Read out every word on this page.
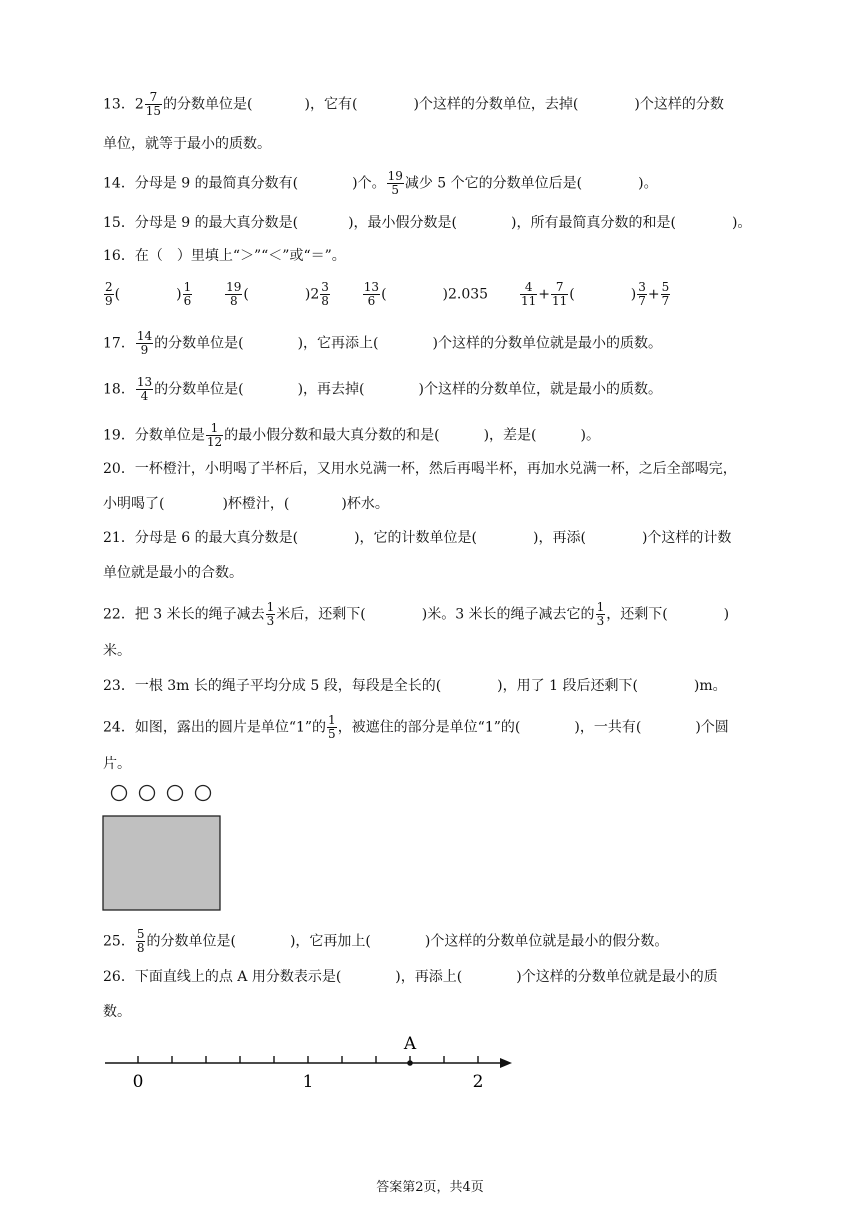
13．$2 \frac{7}{15}$ 的分数单位是(	)，它有(	)个这样的分数单位，去掉(	)个这样的分数
单位，就等于最小的质数。
14．分母是 9 的最简真分数有(	)个。 $\frac{19}{5}$ 减少 5 个它的分数单位后是(	)。
15．分母是 9 的最大真分数是(	)，最小假分数是(	)，所有最简真分数的和是(	)。
16．在（　）里填上“＞”“＜”或“＝”。
$\frac{2}{9}$ (	) $\frac{1}{6}$
	$\frac{19}{8}$ (	)$2 \frac{3}{8}$
	$\frac{13}{6}$ (	)2.035	$\frac{4}{11} + \frac{7}{11}$ (	) $\frac{3}{7} + \frac{5}{7}$
17． $\frac{14}{9}$ 的分数单位是(	)，它再添上(	)个这样的分数单位就是最小的质数。
18． $\frac{13}{4}$ 的分数单位是(	)，再去掉(	)个这样的分数单位，就是最小的质数。
19．分数单位是 $\frac{1}{12}$ 的最小假分数和最大真分数的和是(	)，差是(	)。
20．一杯橙汁，小明喝了半杯后，又用水兑满一杯，然后再喝半杯，再加水兑满一杯，之后全部喝完，
小明喝了(	)杯橙汁，(	)杯水。
21．分母是 6 的最大真分数是(	)，它的计数单位是(	)，再添(	)个这样的计数
单位就是最小的合数。
22．把 3 米长的绳子减去 $\frac{1}{3}$ 米后，还剩下(	)米。3 米长的绳子减去它的 $\frac{1}{3}$ ，还剩下(	)
米。
23．一根 3m 长的绳子平均分成 5 段，每段是全长的(	)，用了 1 段后还剩下(	)m。
24．如图，露出的圆片是单位“1”的 $\frac{1}{5}$ ，被遮住的部分是单位“1”的(	)，一共有(	)个圆
片。
25． $\frac{5}{8}$ 的分数单位是(	)，它再加上(	)个这样的分数单位就是最小的假分数。
26．下面直线上的点 A 用分数表示是(	)，再添上(	)个这样的分数单位就是最小的质
数。
0	1	2
A
答案第2页，共4页
